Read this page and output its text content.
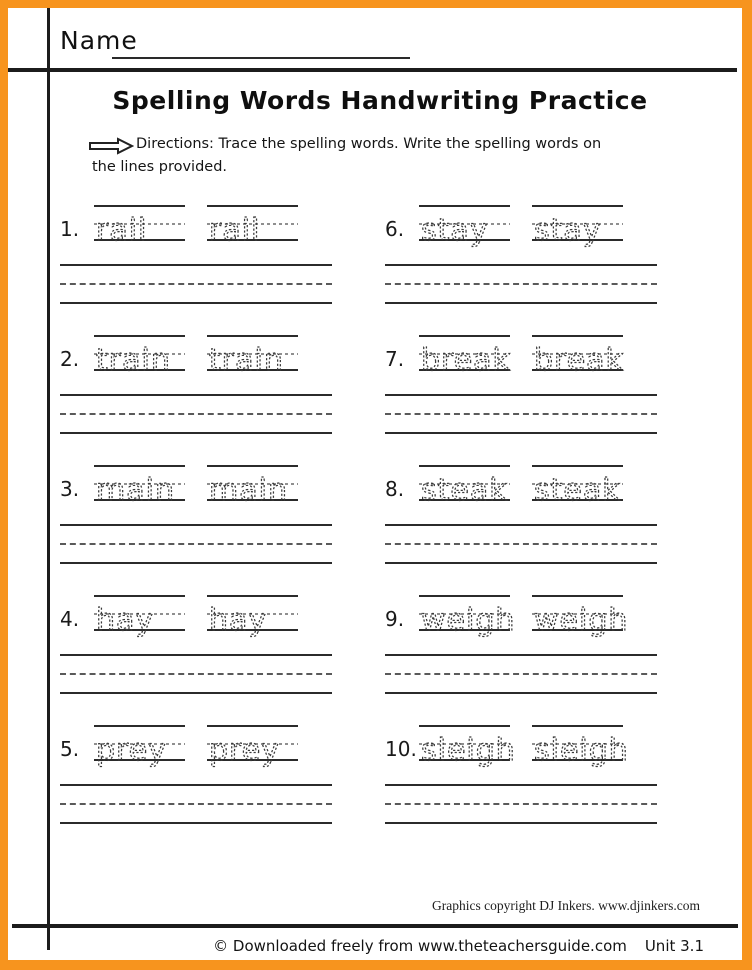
Name
Spelling Words Handwriting Practice
Directions: Trace the spelling words. Write the spelling words on
the lines provided.
1. rail rail	6. stay stay
2. train train	7. break break
3. main main	8. steak steak
4. hay hay	9. weigh weigh
5. prey prey	10. sleigh sleigh
Graphics copyright DJ Inkers. www.djinkers.com
© Downloaded freely from www.theteachersguide.com	Unit 3.1
